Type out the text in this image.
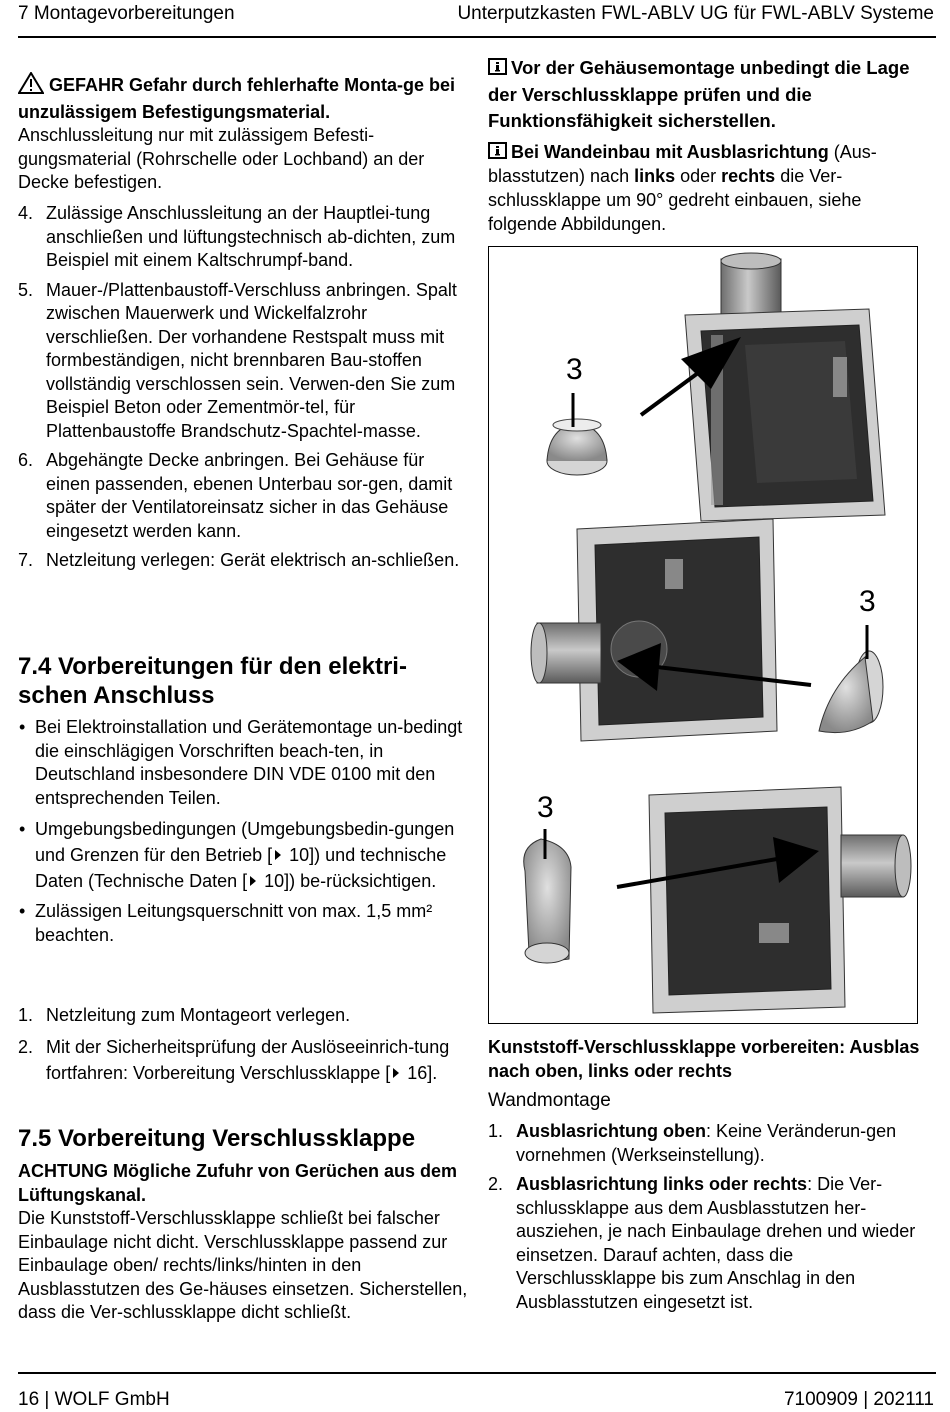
7 Montagevorbereitungen	Unterputzkasten FWL-ABLV UG für FWL-ABLV Systeme

GEFAHR Gefahr durch fehlerhafte Monta-ge bei unzulässigem Befestigungsmaterial.

Anschlussleitung nur mit zulässigem Befesti-gungsmaterial (Rohrschelle oder Lochband) an der Decke befestigen.

4. Zulässige Anschlussleitung an der Hauptlei-tung anschließen und lüftungstechnisch ab-dichten, zum Beispiel mit einem Kaltschrumpf-band.
5. Mauer-/Plattenbaustoff-Verschluss anbringen. Spalt zwischen Mauerwerk und Wickelfalzrohr verschließen. Der vorhandene Restspalt muss mit formbeständigen, nicht brennbaren Bau-stoffen vollständig verschlossen sein. Verwen-den Sie zum Beispiel Beton oder Zementmör-tel, für Plattenbaustoffe Brandschutz-Spachtel-masse.
6. Abgehängte Decke anbringen. Bei Gehäuse für einen passenden, ebenen Unterbau sor-gen, damit später der Ventilatoreinsatz sicher in das Gehäuse eingesetzt werden kann.
7. Netzleitung verlegen: Gerät elektrisch an-schließen.
7.4 Vorbereitungen für den elektri-schen Anschluss
• Bei Elektroinstallation und Gerätemontage un-bedingt die einschlägigen Vorschriften beach-ten, in Deutschland insbesondere DIN VDE 0100 mit den entsprechenden Teilen.
• Umgebungsbedingungen (Umgebungsbedin-gungen und Grenzen für den Betrieb [ 10]) und technische Daten (Technische Daten [ 10]) be-rücksichtigen.
• Zulässigen Leitungsquerschnitt von max. 1,5 mm² beachten.
1. Netzleitung zum Montageort verlegen.
2. Mit der Sicherheitsprüfung der Auslöseeinrich-tung fortfahren: Vorbereitung Verschlussklappe [ 16].
7.5 Vorbereitung Verschlussklappe

ACHTUNG Mögliche Zufuhr von Gerüchen aus dem Lüftungskanal.

Die Kunststoff-Verschlussklappe schließt bei falscher Einbaulage nicht dicht. Verschlussklappe passend zur Einbaulage oben/ rechts/links/hinten in den Ausblasstutzen des Ge-häuses einsetzen. Sicherstellen, dass die Ver-schlussklappe dicht schließt.

Vor der Gehäusemontage unbedingt die Lage der Verschlussklappe prüfen und die Funktionsfähigkeit sicherstellen.

Bei Wandeinbau mit Ausblasrichtung (Aus-blasstutzen) nach links oder rechts die Ver-schlussklappe um 90° gedreht einbauen, siehe folgende Abbildungen.

3
3
3

Kunststoff-Verschlussklappe vorbereiten: Ausblas nach oben, links oder rechts

Wandmontage

1. Ausblasrichtung oben: Keine Veränderun-gen vornehmen (Werkseinstellung).
2. Ausblasrichtung links oder rechts: Die Ver-schlussklappe aus dem Ausblasstutzen her-ausziehen, je nach Einbaulage drehen und wieder einsetzen. Darauf achten, dass die Verschlussklappe bis zum Anschlag in den Ausblasstutzen eingesetzt ist.
16 | WOLF GmbH	7100909 | 202111
